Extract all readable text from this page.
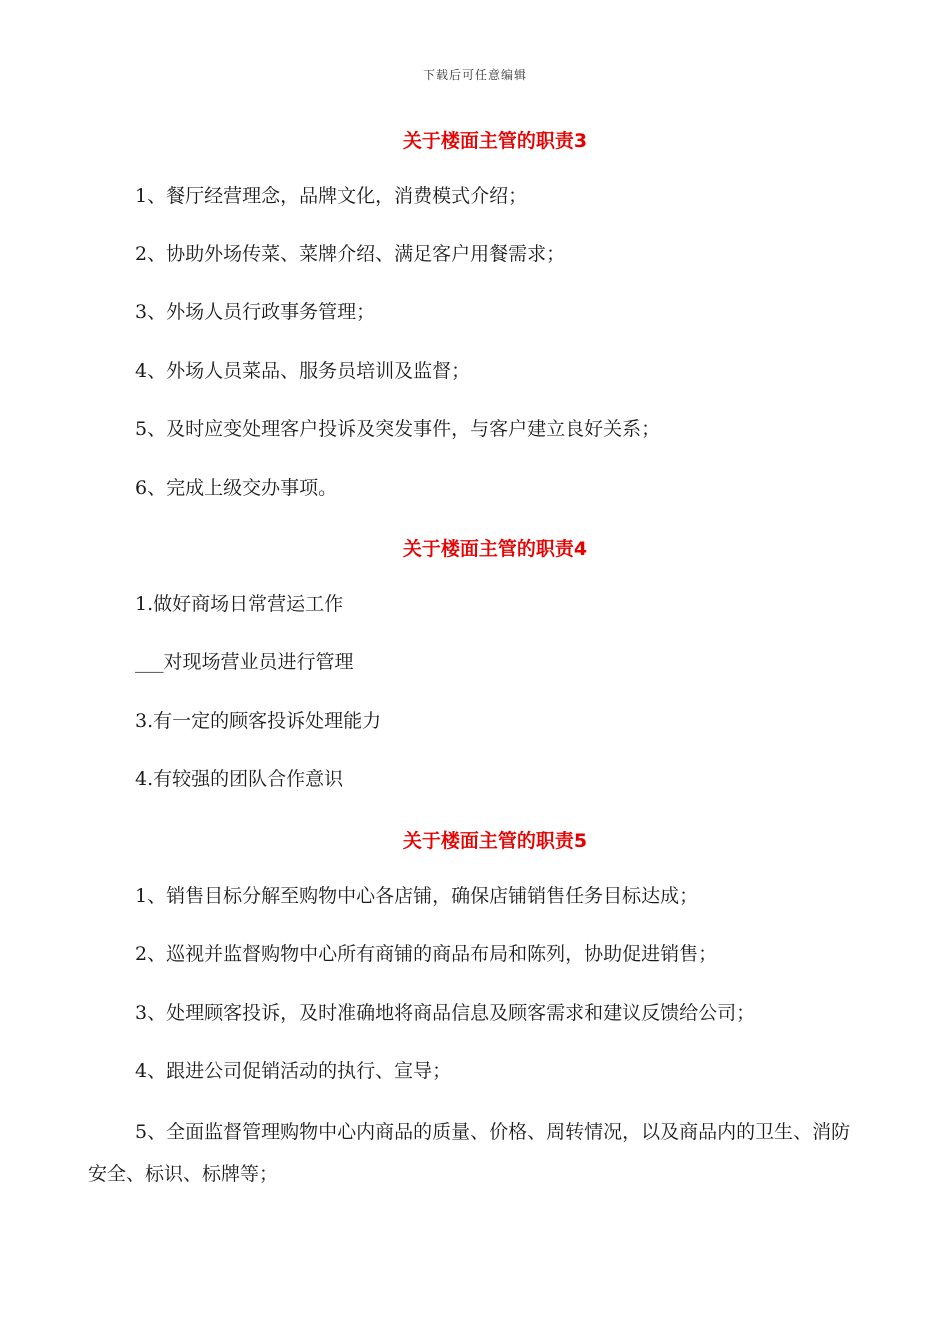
下载后可任意编辑
关于楼面主管的职责3
1、餐厅经营理念，品牌文化，消费模式介绍；
2、协助外场传菜、菜牌介绍、满足客户用餐需求；
3、外场人员行政事务管理；
4、外场人员菜品、服务员培训及监督；
5、及时应变处理客户投诉及突发事件，与客户建立良好关系；
6、完成上级交办事项。
关于楼面主管的职责4
1.做好商场日常营运工作
___对现场营业员进行管理
3.有一定的顾客投诉处理能力
4.有较强的团队合作意识
关于楼面主管的职责5
1、销售目标分解至购物中心各店铺，确保店铺销售任务目标达成；
2、巡视并监督购物中心所有商铺的商品布局和陈列，协助促进销售；
3、处理顾客投诉，及时准确地将商品信息及顾客需求和建议反馈给公司；
4、跟进公司促销活动的执行、宣导；
5、全面监督管理购物中心内商品的质量、价格、周转情况，以及商品内的卫生、消防安全、标识、标牌等；
